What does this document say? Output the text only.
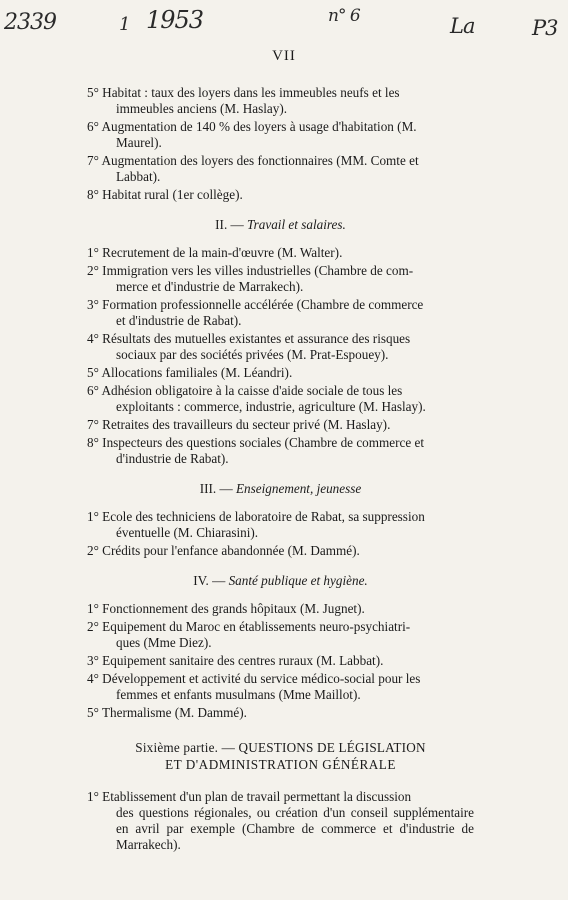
2339	1 1953	n° 6	La	P3
VII
5° Habitat : taux des loyers dans les immeubles neufs et les
immeubles anciens (M. Haslay).
6° Augmentation de 140 % des loyers à usage d'habitation (M.
Maurel).
7° Augmentation des loyers des fonctionnaires (MM. Comte et
Labbat).
8° Habitat rural (1er collège).
II. — Travail et salaires.
1° Recrutement de la main-d'œuvre (M. Walter).
2° Immigration vers les villes industrielles (Chambre de com-
merce et d'industrie de Marrakech).
3° Formation professionnelle accélérée (Chambre de commerce
et d'industrie de Rabat).
4° Résultats des mutuelles existantes et assurance des risques
sociaux par des sociétés privées (M. Prat-Espouey).
5° Allocations familiales (M. Léandri).
6° Adhésion obligatoire à la caisse d'aide sociale de tous les
exploitants : commerce, industrie, agriculture (M. Haslay).
7° Retraites des travailleurs du secteur privé (M. Haslay).
8° Inspecteurs des questions sociales (Chambre de commerce et
d'industrie de Rabat).
III. — Enseignement, jeunesse
1° Ecole des techniciens de laboratoire de Rabat, sa suppression
éventuelle (M. Chiarasini).
2° Crédits pour l'enfance abandonnée (M. Dammé).
IV. — Santé publique et hygiène.
1° Fonctionnement des grands hôpitaux (M. Jugnet).
2° Equipement du Maroc en établissements neuro-psychiatri-
ques (Mme Diez).
3° Equipement sanitaire des centres ruraux (M. Labbat).
4° Développement et activité du service médico-social pour les
femmes et enfants musulmans (Mme Maillot).
5° Thermalisme (M. Dammé).
Sixième partie. — QUESTIONS DE LÉGISLATION
ET D'ADMINISTRATION GÉNÉRALE
1° Etablissement d'un plan de travail permettant la discussion
des questions régionales, ou création d'un conseil supplémentaire en avril par exemple (Chambre de commerce et d'industrie de Marrakech).
